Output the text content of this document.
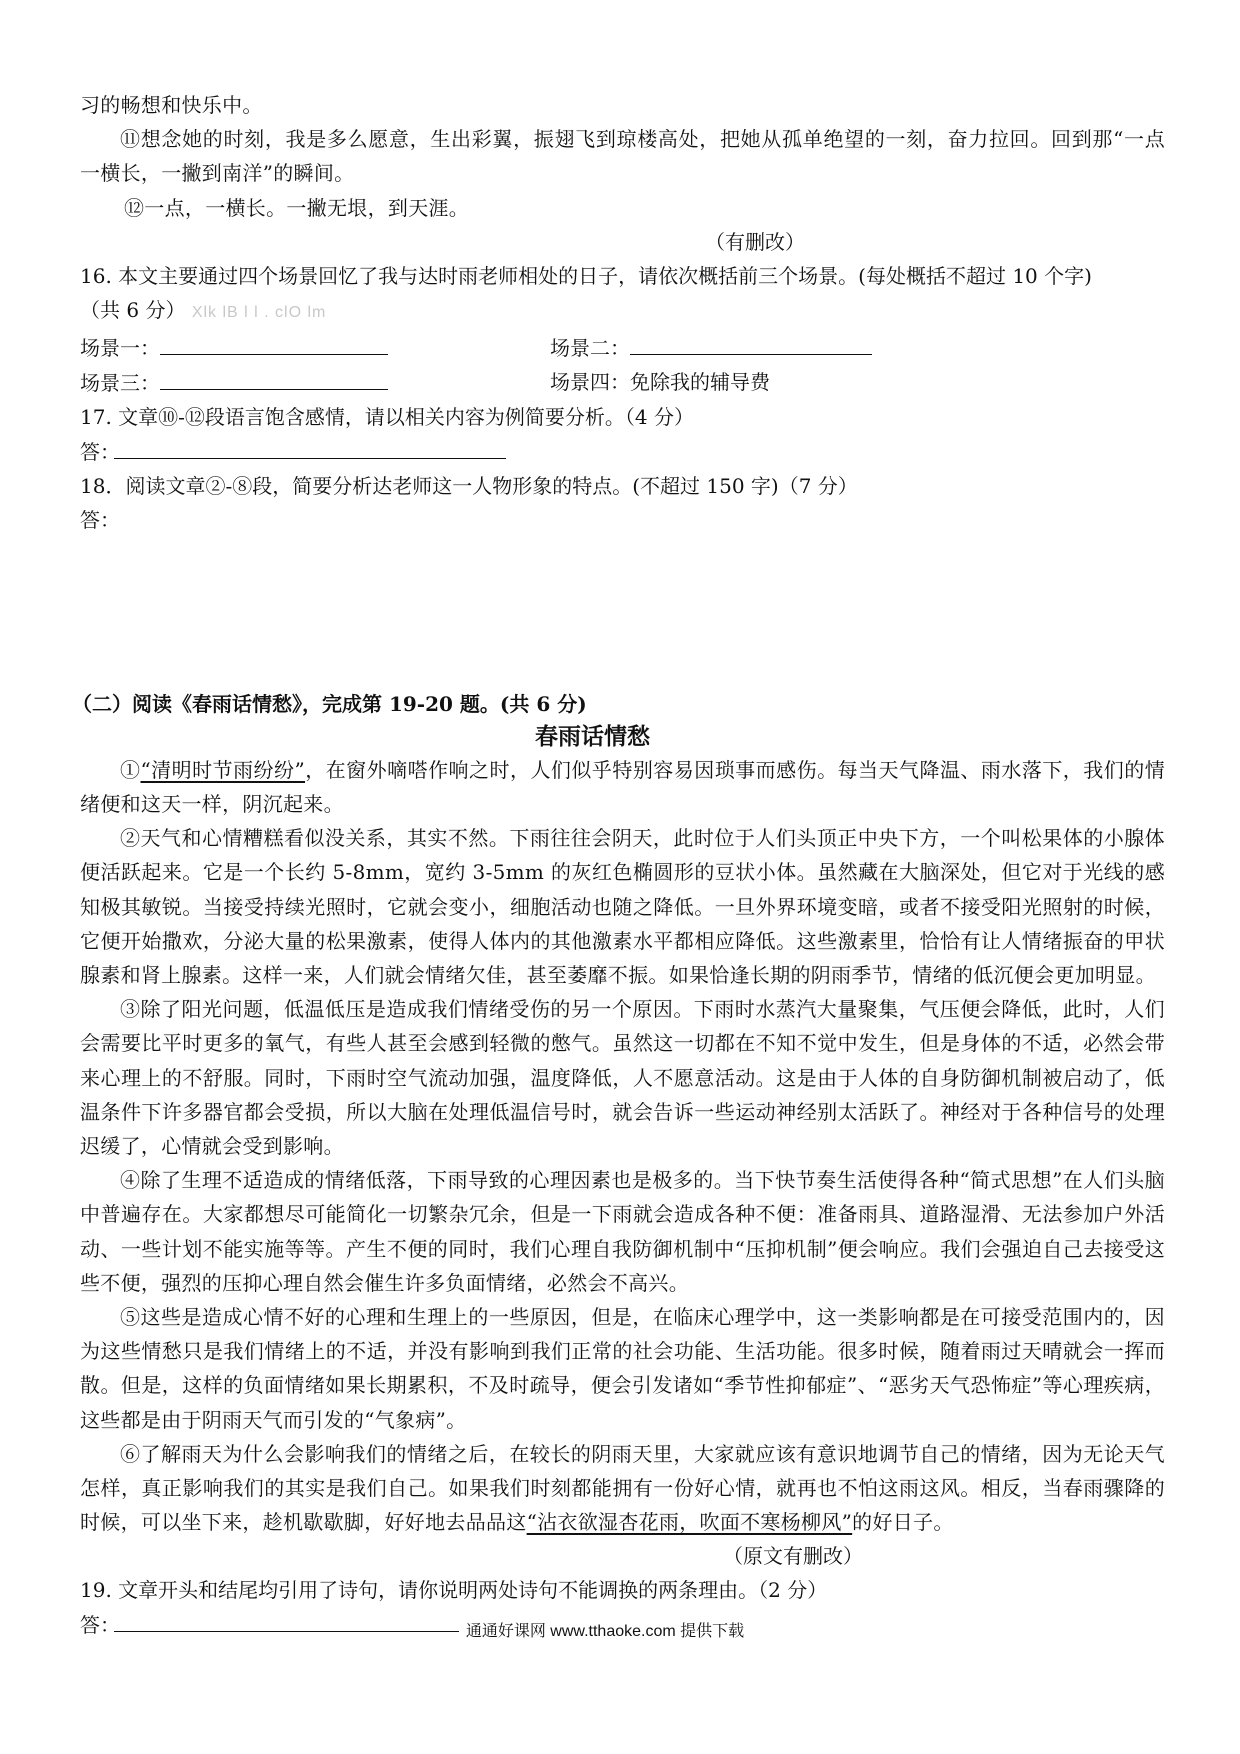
习的畅想和快乐中。

⑪想念她的时刻，我是多么愿意，生出彩翼，振翅飞到琼楼高处，把她从孤单绝望的一刻，奋力拉回。回到那“一点一横长，一撇到南洋”的瞬间。

⑫一点，一横长。一撇无垠，到天涯。

（有删改）

16. 本文主要通过四个场景回忆了我与达时雨老师相处的日子，请依次概括前三个场景。(每处概括不超过 10 个字)

（共 6 分） Xlk lB l l . clO lm

场景一：	场景二：
场景三：	场景四： 免除我的辅导费

17. 文章⑩-⑫段语言饱含感情，请以相关内容为例简要分析。（4 分）

答：

18．阅读文章②-⑧段，简要分析达老师这一人物形象的特点。(不超过 150 字)（7 分）

答：

（二）阅读《春雨话情愁》，完成第 19-20 题。(共 6 分)

春雨话情愁

①“清明时节雨纷纷”，在窗外嘀嗒作响之时，人们似乎特别容易因琐事而感伤。每当天气降温、雨水落下，我们的情绪便和这天一样，阴沉起来。

②天气和心情糟糕看似没关系，其实不然。下雨往往会阴天，此时位于人们头顶正中央下方，一个叫松果体的小腺体便活跃起来。它是一个长约 5-8mm，宽约 3-5mm 的灰红色椭圆形的豆状小体。虽然藏在大脑深处，但它对于光线的感知极其敏锐。当接受持续光照时，它就会变小，细胞活动也随之降低。一旦外界环境变暗，或者不接受阳光照射的时候，它便开始撒欢，分泌大量的松果激素，使得人体内的其他激素水平都相应降低。这些激素里，恰恰有让人情绪振奋的甲状腺素和肾上腺素。这样一来，人们就会情绪欠佳，甚至萎靡不振。如果恰逢长期的阴雨季节，情绪的低沉便会更加明显。

③除了阳光问题，低温低压是造成我们情绪受伤的另一个原因。下雨时水蒸汽大量聚集，气压便会降低，此时，人们会需要比平时更多的氧气，有些人甚至会感到轻微的憋气。虽然这一切都在不知不觉中发生，但是身体的不适，必然会带来心理上的不舒服。同时，下雨时空气流动加强，温度降低，人不愿意活动。这是由于人体的自身防御机制被启动了，低温条件下许多器官都会受损，所以大脑在处理低温信号时，就会告诉一些运动神经别太活跃了。神经对于各种信号的处理迟缓了，心情就会受到影响。

④除了生理不适造成的情绪低落，下雨导致的心理因素也是极多的。当下快节奏生活使得各种“简式思想”在人们头脑中普遍存在。大家都想尽可能简化一切繁杂冗余，但是一下雨就会造成各种不便：准备雨具、道路湿滑、无法参加户外活动、一些计划不能实施等等。产生不便的同时，我们心理自我防御机制中“压抑机制”便会响应。我们会强迫自己去接受这些不便，强烈的压抑心理自然会催生许多负面情绪，必然会不高兴。

⑤这些是造成心情不好的心理和生理上的一些原因，但是，在临床心理学中，这一类影响都是在可接受范围内的，因为这些情愁只是我们情绪上的不适，并没有影响到我们正常的社会功能、生活功能。很多时候，随着雨过天晴就会一挥而散。但是，这样的负面情绪如果长期累积，不及时疏导，便会引发诸如“季节性抑郁症”、“恶劣天气恐怖症”等心理疾病，这些都是由于阴雨天气而引发的“气象病”。

⑥了解雨天为什么会影响我们的情绪之后，在较长的阴雨天里，大家就应该有意识地调节自己的情绪，因为无论天气怎样，真正影响我们的其实是我们自己。如果我们时刻都能拥有一份好心情，就再也不怕这雨这风。相反，当春雨骤降的时候，可以坐下来，趁机歇歇脚，好好地去品品这“沾衣欲湿杏花雨，吹面不寒杨柳风”的好日子。

（原文有删改）

19. 文章开头和结尾均引用了诗句，请你说明两处诗句不能调换的两条理由。（2 分）

答：	通通好课网 www.tthaoke.com 提供下载
